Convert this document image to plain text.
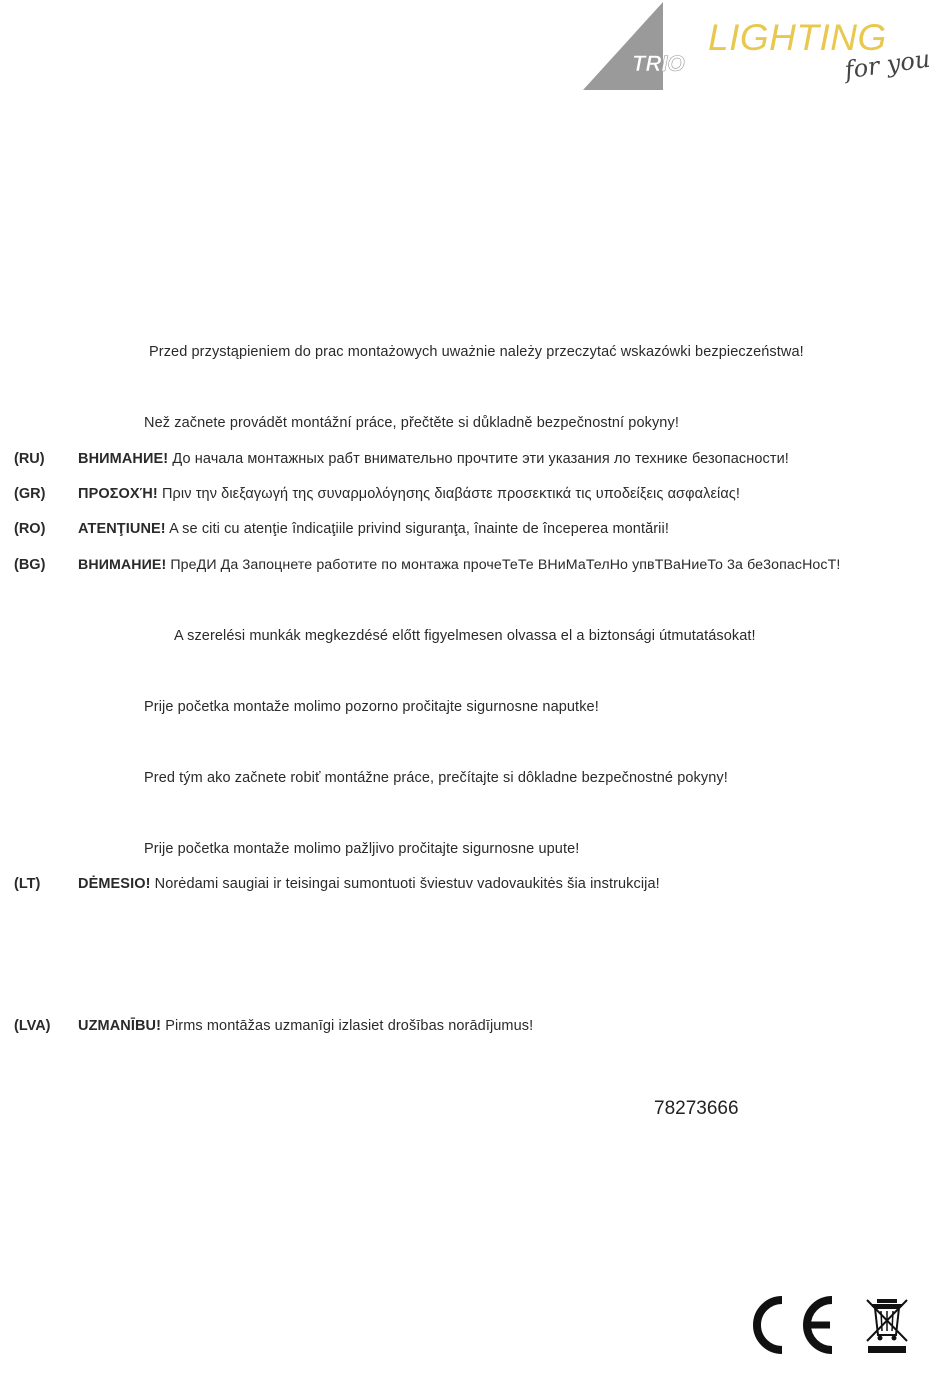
TRIO
LIGHTING
for you
Przed przystąpieniem do prac montażowych uważnie należy przeczytać wskazówki bezpieczeństwa!
Než začnete provádět montážní práce, přečtěte si důkladně bezpečnostní pokyny!
(RU) ВНИМАНИЕ! До начала монтажных рабт внимательно прочтите эти указания ло технике безопасности!
(GR) ΠΡΟΣΟΧΉ! Πριν την διεξαγωγή της συναρμολόγησης διαβάστε προσεκτικά τις υποδείξεις ασφαλείας!
(RO) ATENŢIUNE! A se citi cu atenţie îndicaţiile privind siguranţa, înainte de începerea montării!
(BG) ВНИМАНИЕ! ПреДИ Да 3апоцнете работите по монтажа прочеТеТе ВНиМаТелНо упвТВаНиеТо 3а бе3опасНосТ!
A szerelési munkák megkezdésé előtt figyelmesen olvassa el a biztonsági útmutatásokat!
Prije početka montaže molimo pozorno pročitajte sigurnosne naputke!
Pred tým ako začnete robiť montážne práce, prečítajte si dôkladne bezpečnostné pokyny!
Prije početka montaže molimo pažljivo pročitajte sigurnosne upute!
(LT)	DĖMESIO! Norėdami saugiai ir teisingai sumontuoti šviestuv vadovaukitės šia instrukcija!
(LVA) UZMANĪBU! Pirms montāžas uzmanīgi izlasiet drošības norādījumus!
78273666
